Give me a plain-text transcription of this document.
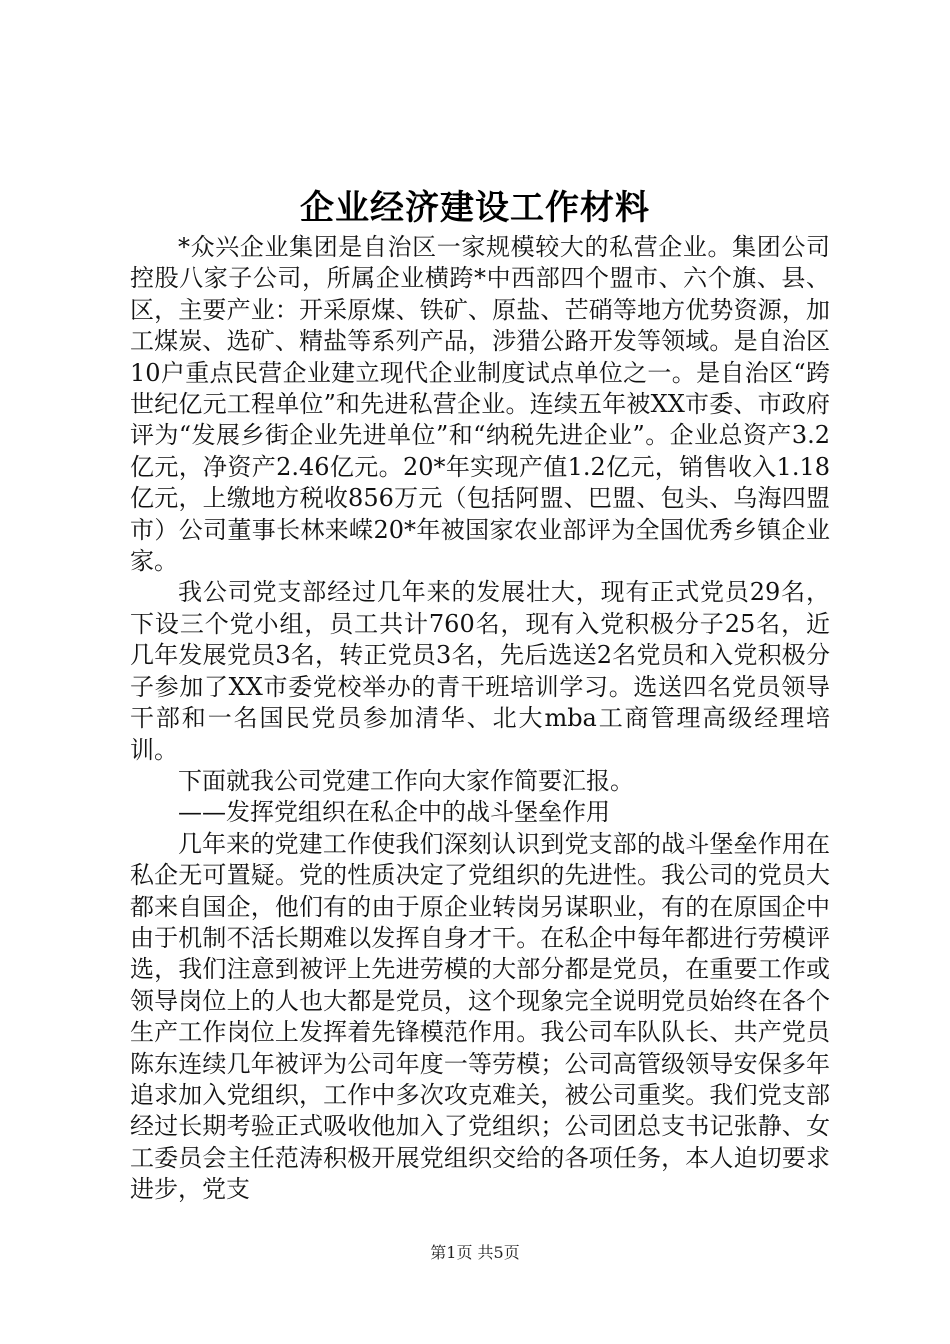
企业经济建设工作材料

*众兴企业集团是自治区一家规模较大的私营企业。集团公司控股八家子公司，所属企业横跨*中西部四个盟市、六个旗、县、区，主要产业：开采原煤、铁矿、原盐、芒硝等地方优势资源，加工煤炭、选矿、精盐等系列产品，涉猎公路开发等领域。是自治区10户重点民营企业建立现代企业制度试点单位之一。是自治区“跨世纪亿元工程单位”和先进私营企业。连续五年被XX市委、市政府评为“发展乡街企业先进单位”和“纳税先进企业”。企业总资产3.2亿元，净资产2.46亿元。20*年实现产值1.2亿元，销售收入1.18亿元，上缴地方税收856万元（包括阿盟、巴盟、包头、乌海四盟市）公司董事长林来嵘20*年被国家农业部评为全国优秀乡镇企业家。

我公司党支部经过几年来的发展壮大，现有正式党员29名，下设三个党小组，员工共计760名，现有入党积极分子25名，近几年发展党员3名，转正党员3名，先后选送2名党员和入党积极分子参加了XX市委党校举办的青干班培训学习。选送四名党员领导干部和一名国民党员参加清华、北大mba工商管理高级经理培训。

下面就我公司党建工作向大家作简要汇报。

——发挥党组织在私企中的战斗堡垒作用

几年来的党建工作使我们深刻认识到党支部的战斗堡垒作用在私企无可置疑。党的性质决定了党组织的先进性。我公司的党员大都来自国企，他们有的由于原企业转岗另谋职业，有的在原国企中由于机制不活长期难以发挥自身才干。在私企中每年都进行劳模评选，我们注意到被评上先进劳模的大部分都是党员，在重要工作或领导岗位上的人也大都是党员，这个现象完全说明党员始终在各个生产工作岗位上发挥着先锋模范作用。我公司车队队长、共产党员陈东连续几年被评为公司年度一等劳模；公司高管级领导安保多年追求加入党组织，工作中多次攻克难关，被公司重奖。我们党支部经过长期考验正式吸收他加入了党组织；公司团总支书记张静、女工委员会主任范涛积极开展党组织交给的各项任务，本人迫切要求进步，党支

第1页 共5页
